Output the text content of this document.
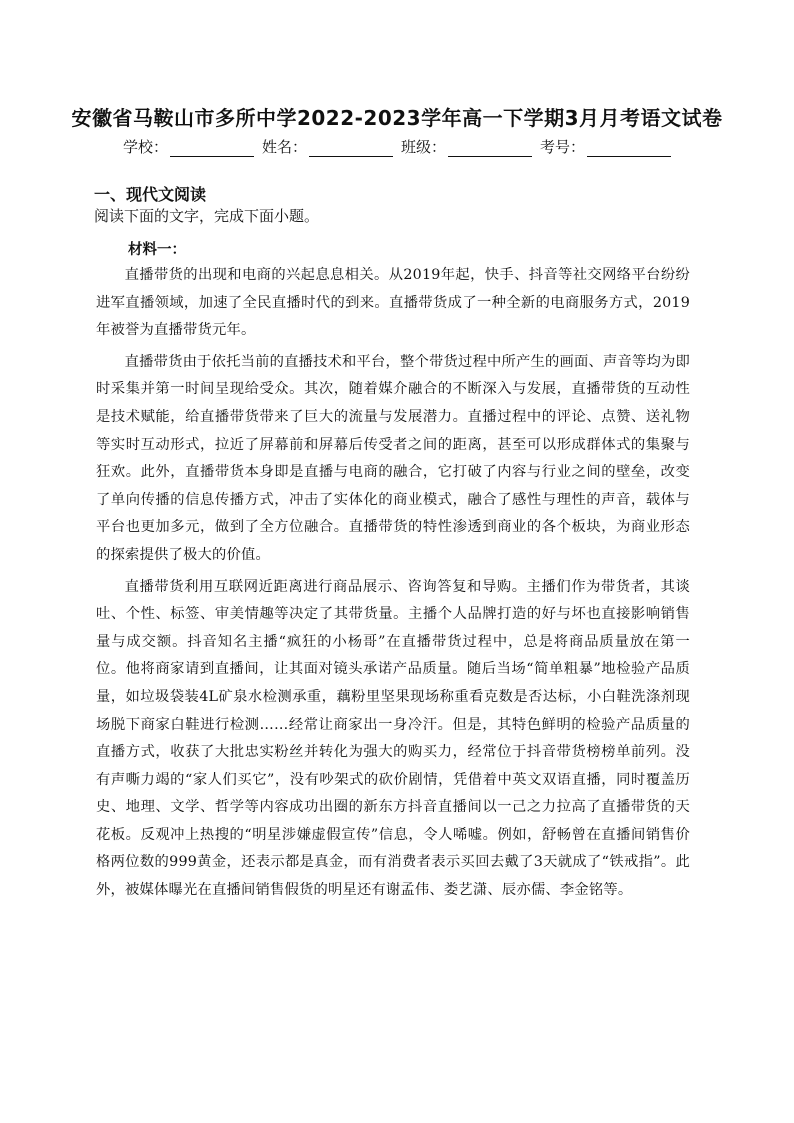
安徽省马鞍山市多所中学2022-2023学年高一下学期3月月考语文试卷
学校：	姓名：	班级：	考号：
一、现代文阅读
阅读下面的文字，完成下面小题。
材料一：

直播带货的出现和电商的兴起息息相关。从2019年起，快手、抖音等社交网络平台纷纷进军直播领域，加速了全民直播时代的到来。直播带货成了一种全新的电商服务方式，2019年被誉为直播带货元年。

直播带货由于依托当前的直播技术和平台，整个带货过程中所产生的画面、声音等均为即时采集并第一时间呈现给受众。其次，随着媒介融合的不断深入与发展，直播带货的互动性是技术赋能，给直播带货带来了巨大的流量与发展潜力。直播过程中的评论、点赞、送礼物等实时互动形式，拉近了屏幕前和屏幕后传受者之间的距离，甚至可以形成群体式的集聚与狂欢。此外，直播带货本身即是直播与电商的融合，它打破了内容与行业之间的壁垒，改变了单向传播的信息传播方式，冲击了实体化的商业模式，融合了感性与理性的声音，载体与平台也更加多元，做到了全方位融合。直播带货的特性渗透到商业的各个板块，为商业形态的探索提供了极大的价值。

直播带货利用互联网近距离进行商品展示、咨询答复和导购。主播们作为带货者，其谈吐、个性、标签、审美情趣等决定了其带货量。主播个人品牌打造的好与坏也直接影响销售量与成交额。抖音知名主播“疯狂的小杨哥”在直播带货过程中，总是将商品质量放在第一位。他将商家请到直播间，让其面对镜头承诺产品质量。随后当场“简单粗暴”地检验产品质量，如垃圾袋装4L矿泉水检测承重，藕粉里坚果现场称重看克数是否达标，小白鞋洗涤剂现场脱下商家白鞋进行检测……经常让商家出一身冷汗。但是，其特色鲜明的检验产品质量的直播方式，收获了大批忠实粉丝并转化为强大的购买力，经常位于抖音带货榜榜单前列。没有声嘶力竭的“家人们买它”，没有吵架式的砍价剧情，凭借着中英文双语直播，同时覆盖历史、地理、文学、哲学等内容成功出圈的新东方抖音直播间以一己之力拉高了直播带货的天花板。反观冲上热搜的“明星涉嫌虚假宣传”信息，令人唏嘘。例如，舒畅曾在直播间销售价格两位数的999黄金，还表示都是真金，而有消费者表示买回去戴了3天就成了“铁戒指”。此外，被媒体曝光在直播间销售假货的明星还有谢孟伟、娄艺潇、辰亦儒、李金铭等。
